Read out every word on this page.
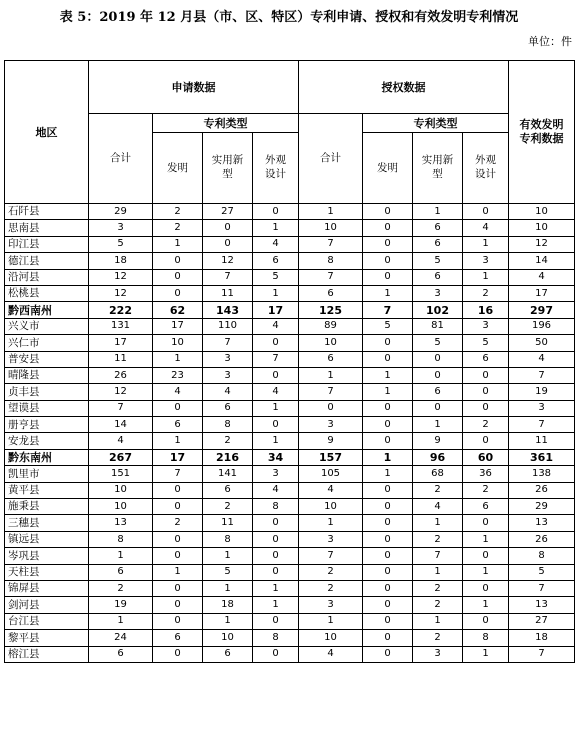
表 5：2019 年 12 月县（市、区、特区）专利申请、授权和有效发明专利情况
单位：件
地区	申请数据				授权数据				有效发明专利数据
	合计	专利类型			合计	专利类型			
		发明	实用新型	外观设计		发明	实用新型	外观设计	
石阡县	29	2	27	0	1	0	1	0	10
思南县	3	2	0	1	10	0	6	4	10
印江县	5	1	0	4	7	0	6	1	12
德江县	18	0	12	6	8	0	5	3	14
沿河县	12	0	7	5	7	0	6	1	4
松桃县	12	0	11	1	6	1	3	2	17
黔西南州	222	62	143	17	125	7	102	16	297
兴义市	131	17	110	4	89	5	81	3	196
兴仁市	17	10	7	0	10	0	5	5	50
普安县	11	1	3	7	6	0	0	6	4
晴隆县	26	23	3	0	1	1	0	0	7
贞丰县	12	4	4	4	7	1	6	0	19
望谟县	7	0	6	1	0	0	0	0	3
册亨县	14	6	8	0	3	0	1	2	7
安龙县	4	1	2	1	9	0	9	0	11
黔东南州	267	17	216	34	157	1	96	60	361
凯里市	151	7	141	3	105	1	68	36	138
黄平县	10	0	6	4	4	0	2	2	26
施秉县	10	0	2	8	10	0	4	6	29
三穗县	13	2	11	0	1	0	1	0	13
镇远县	8	0	8	0	3	0	2	1	26
岑巩县	1	0	1	0	7	0	7	0	8
天柱县	6	1	5	0	2	0	1	1	5
锦屏县	2	0	1	1	2	0	2	0	7
剑河县	19	0	18	1	3	0	2	1	13
台江县	1	0	1	0	1	0	1	0	27
黎平县	24	6	10	8	10	0	2	8	18
榕江县	6	0	6	0	4	0	3	1	7
